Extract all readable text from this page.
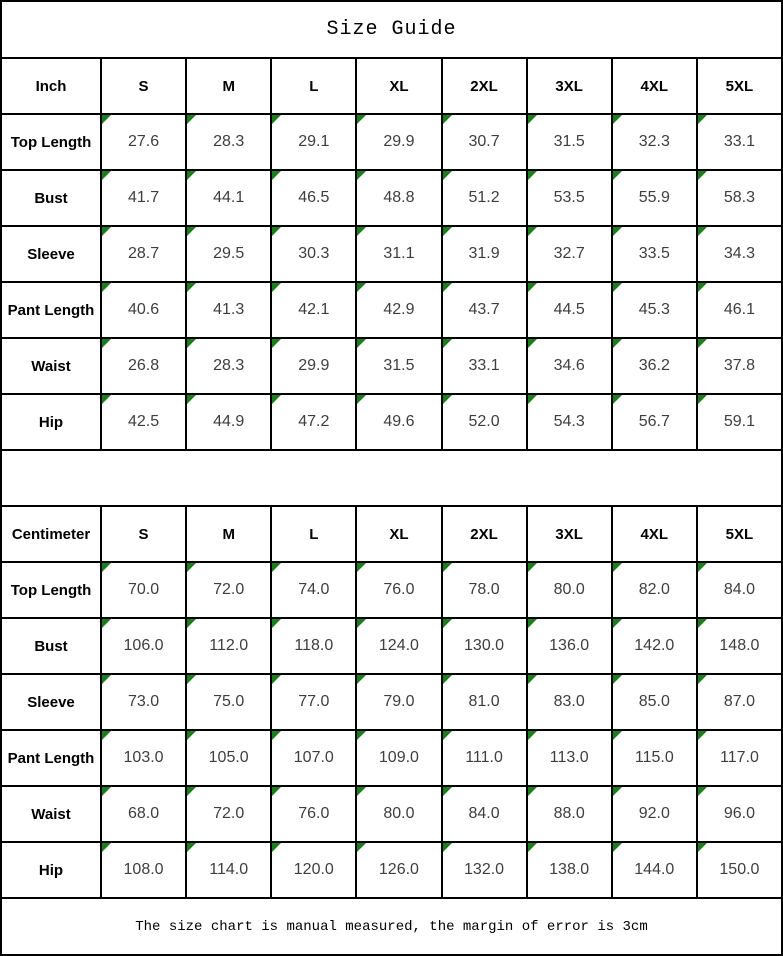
Size Guide								
Inch	S	M	L	XL	2XL	3XL	4XL	5XL
Top Length	27.6	28.3	29.1	29.9	30.7	31.5	32.3	33.1

Bust	41.7	44.1	46.5	48.8	51.2	53.5	55.9	58.3

Sleeve	28.7	29.5	30.3	31.1	31.9	32.7	33.5	34.3

Pant Length	40.6	41.3	42.1	42.9	43.7	44.5	45.3	46.1

Waist	26.8	28.3	29.9	31.5	33.1	34.6	36.2	37.8

Hip	42.5	44.9	47.2	49.6	52.0	54.3	56.7	59.1

Centimeter	S	M	L	XL	2XL	3XL	4XL	5XL
Top Length	70.0	72.0	74.0	76.0	78.0	80.0	82.0	84.0

Bust	106.0	112.0	118.0	124.0	130.0	136.0	142.0	148.0

Sleeve	73.0	75.0	77.0	79.0	81.0	83.0	85.0	87.0

Pant Length	103.0	105.0	107.0	109.0	111.0	113.0	115.0	117.0

Waist	68.0	72.0	76.0	80.0	84.0	88.0	92.0	96.0

Hip	108.0	114.0	120.0	126.0	132.0	138.0	144.0	150.0

The size chart is manual measured, the margin of error is 3cm								
